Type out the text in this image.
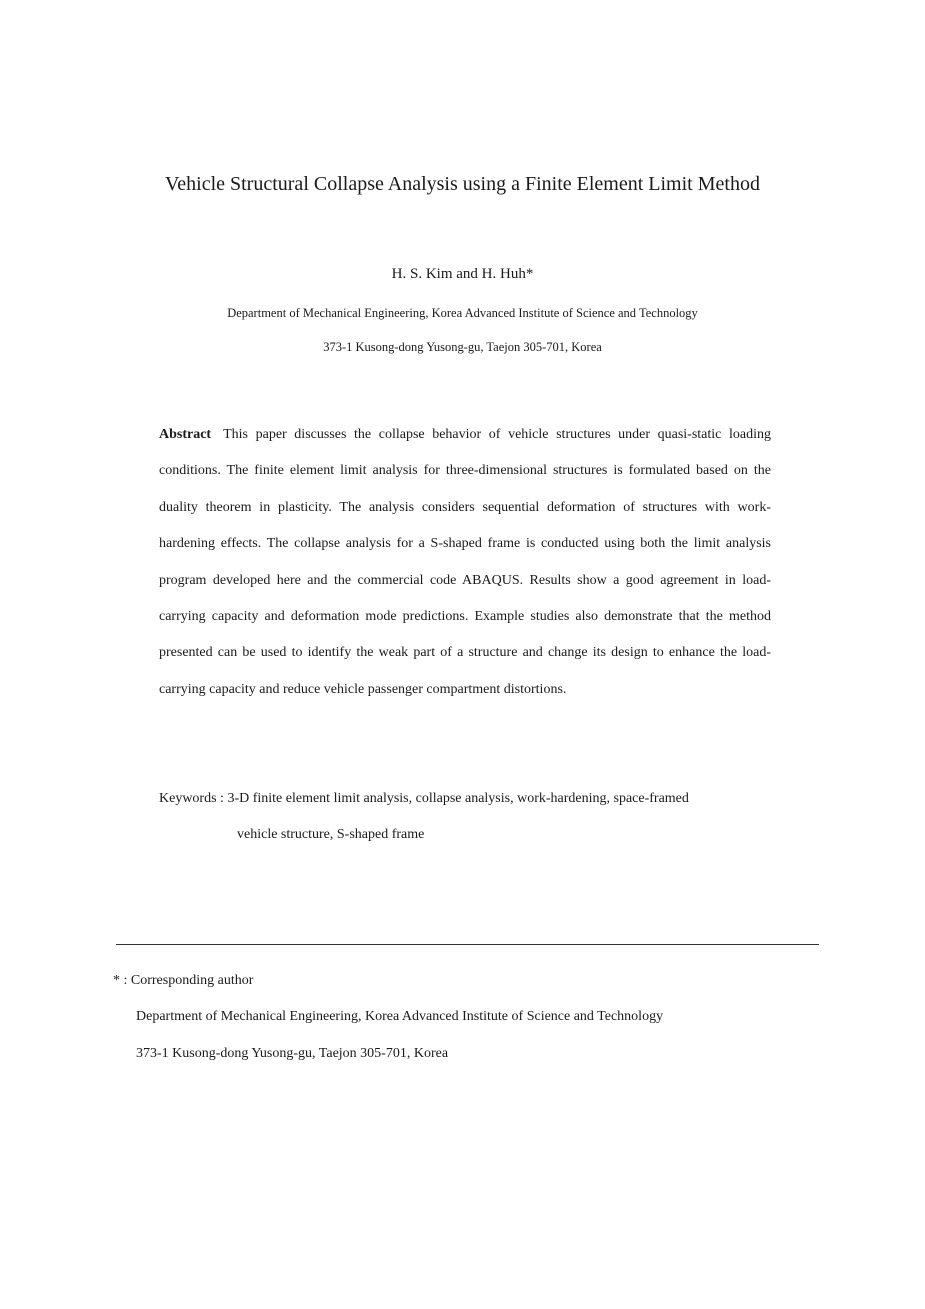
Vehicle Structural Collapse Analysis using a Finite Element Limit Method
H. S. Kim and H. Huh*
Department of Mechanical Engineering, Korea Advanced Institute of Science and Technology
373-1 Kusong-dong Yusong-gu, Taejon 305-701, Korea
Abstract This paper discusses the collapse behavior of vehicle structures under quasi-static loading conditions. The finite element limit analysis for three-dimensional structures is formulated based on the duality theorem in plasticity. The analysis considers sequential deformation of structures with work-hardening effects. The collapse analysis for a S-shaped frame is conducted using both the limit analysis program developed here and the commercial code ABAQUS. Results show a good agreement in load-carrying capacity and deformation mode predictions. Example studies also demonstrate that the method presented can be used to identify the weak part of a structure and change its design to enhance the load-carrying capacity and reduce vehicle passenger compartment distortions.
Keywords : 3-D finite element limit analysis, collapse analysis, work-hardening, space-framed
vehicle structure, S-shaped frame
* : Corresponding author
Department of Mechanical Engineering, Korea Advanced Institute of Science and Technology
373-1 Kusong-dong Yusong-gu, Taejon 305-701, Korea
